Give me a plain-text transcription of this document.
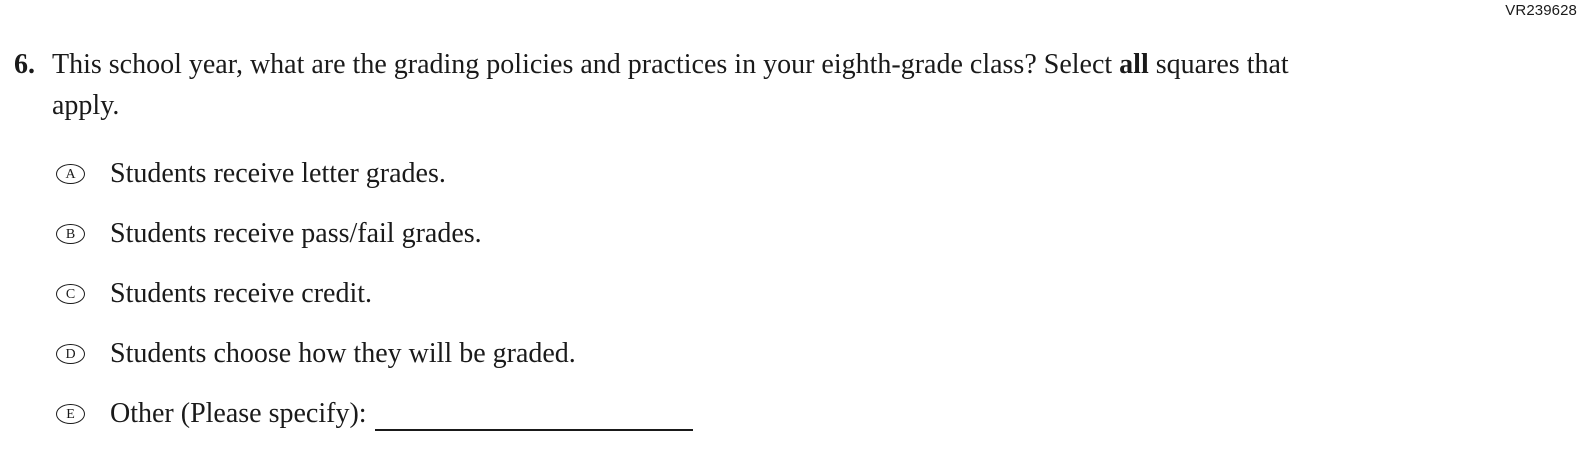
VR239628
6. This school year, what are the grading policies and practices in your eighth-grade class? Select all squares that apply.
A	Students receive letter grades.
B	Students receive pass/fail grades.
C	Students receive credit.
D	Students choose how they will be graded.
E	Other (Please specify):
